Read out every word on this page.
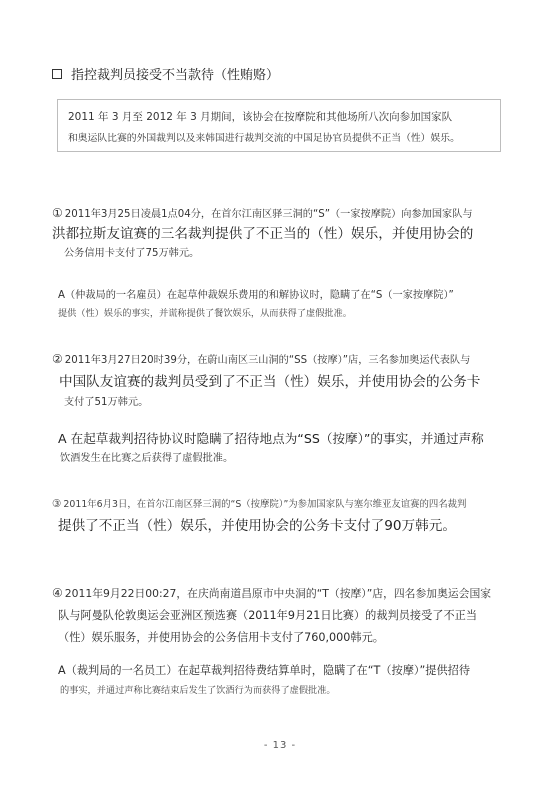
指控裁判员接受不当款待（性贿赂）
2011 年 3 月至 2012 年 3 月期间，该协会在按摩院和其他场所八次向参加国家队
和奥运队比赛的外国裁判以及来韩国进行裁判交流的中国足协官员提供不正当（性）娱乐。
① 2011年3月25日凌晨1点04分，在首尔江南区驿三洞的“S”（一家按摩院）向参加国家队与
洪都拉斯友谊赛的三名裁判提供了不正当的（性）娱乐，并使用协会的
公务信用卡支付了75万韩元。
A（仲裁局的一名雇员）在起草仲裁娱乐费用的和解协议时，隐瞒了在“S（一家按摩院）”
提供（性）娱乐的事实，并谎称提供了餐饮娱乐，从而获得了虚假批准。
② 2011年3月27日20时39分，在蔚山南区三山洞的“SS（按摩）”店，三名参加奥运代表队与
中国队友谊赛的裁判员受到了不正当（性）娱乐，并使用协会的公务卡
支付了51万韩元。
A 在起草裁判招待协议时隐瞒了招待地点为“SS（按摩）”的事实，并通过声称
饮酒发生在比赛之后获得了虚假批准。
③ 2011年6月3日，在首尔江南区驿三洞的“S（按摩院）”为参加国家队与塞尔维亚友谊赛的四名裁判
提供了不正当（性）娱乐，并使用协会的公务卡支付了90万韩元。
④ 2011年9月22日00:27，在庆尚南道昌原市中央洞的“T（按摩）”店，四名参加奥运会国家
队与阿曼队伦敦奥运会亚洲区预选赛（2011年9月21日比赛）的裁判员接受了不正当
（性）娱乐服务，并使用协会的公务信用卡支付了760,000韩元。
A（裁判局的一名员工）在起草裁判招待费结算单时，隐瞒了在“T（按摩）”提供招待
的事实，并通过声称比赛结束后发生了饮酒行为而获得了虚假批准。
- 13 -
